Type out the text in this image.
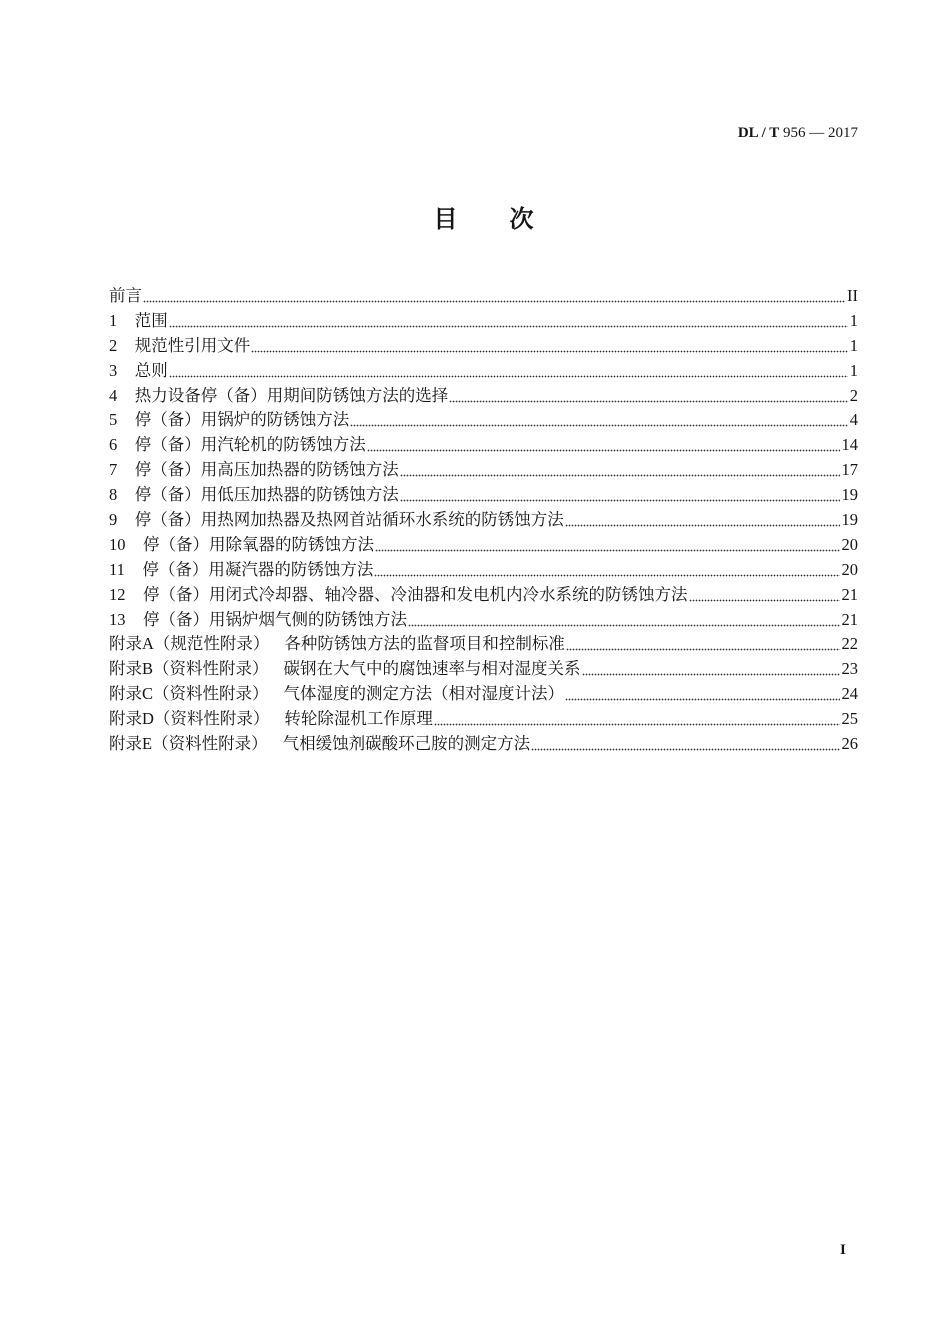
DL / T 956 — 2017
目 次
前言	II
1 范围	1
2 规范性引用文件	1
3 总则	1
4 热力设备停（备）用期间防锈蚀方法的选择	2
5 停（备）用锅炉的防锈蚀方法	4
6 停（备）用汽轮机的防锈蚀方法	14
7 停（备）用高压加热器的防锈蚀方法	17
8 停（备）用低压加热器的防锈蚀方法	19
9 停（备）用热网加热器及热网首站循环水系统的防锈蚀方法	19
10 停（备）用除氧器的防锈蚀方法	20
11 停（备）用凝汽器的防锈蚀方法	20
12 停（备）用闭式冷却器、轴冷器、冷油器和发电机内冷水系统的防锈蚀方法	21
13 停（备）用锅炉烟气侧的防锈蚀方法	21
附录A（规范性附录） 各种防锈蚀方法的监督项目和控制标准	22
附录B（资料性附录） 碳钢在大气中的腐蚀速率与相对湿度关系	23
附录C（资料性附录） 气体湿度的测定方法（相对湿度计法）	24
附录D（资料性附录） 转轮除湿机工作原理	25
附录E（资料性附录） 气相缓蚀剂碳酸环己胺的测定方法	26
I
